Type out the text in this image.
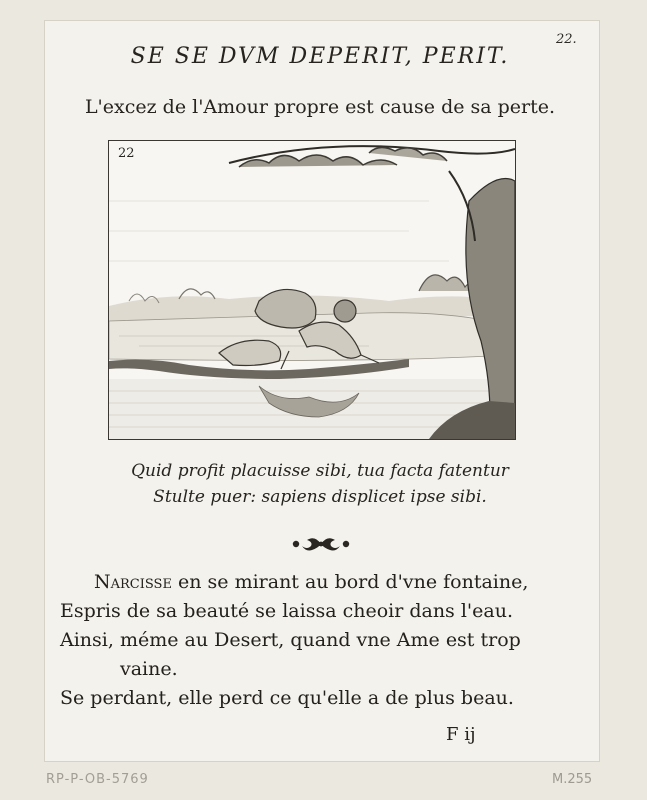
22.
SE SE DVM DEPERIT, PERIT.
L'excez de l'Amour propre est cause de sa perte.
22
Quid profit placuisse sibi, tua facta fatentur
Stulte puer: sapiens displicet ipse sibi.
Narcisse en se mirant au bord d'vne fontaine,
Espris de sa beauté se laissa cheoir dans l'eau.
Ainsi, méme au Desert, quand vne Ame est trop
vaine.
Se perdant, elle perd ce qu'elle a de plus beau.
F ij
RP-P-OB-5769	M.255
